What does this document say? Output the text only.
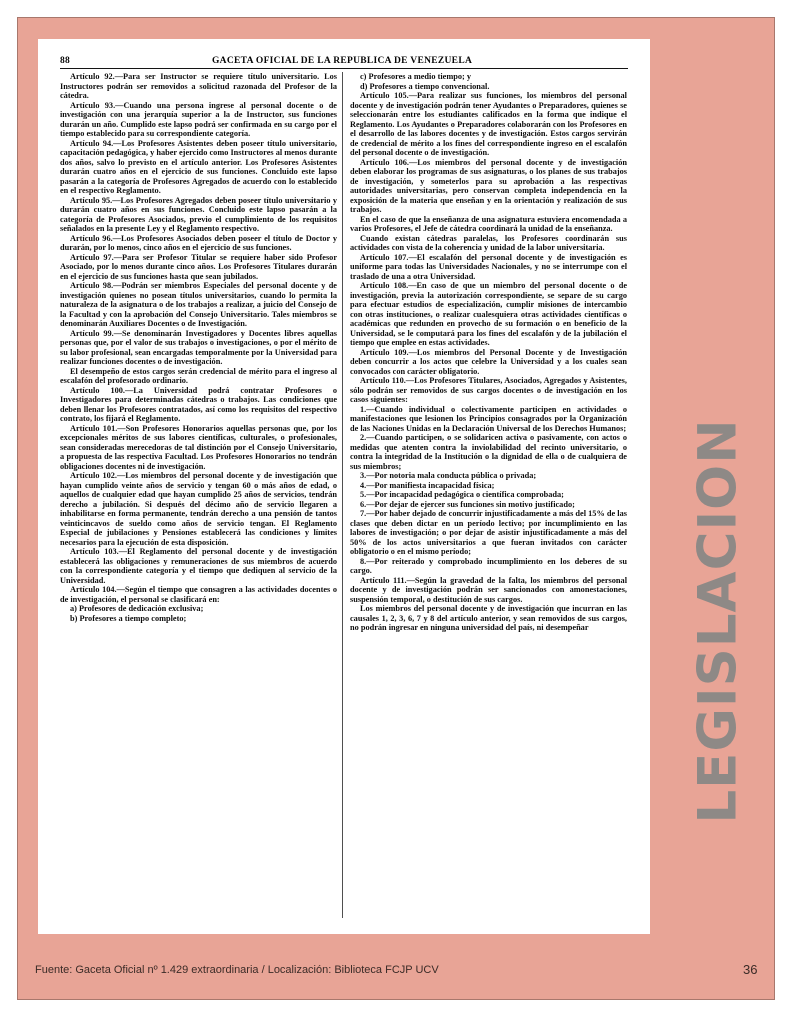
88	GACETA OFICIAL DE LA REPUBLICA DE VENEZUELA

Artículo 92.—Para ser Instructor se requiere título universitario. Los Instructores podrán ser removidos a solicitud razonada del Profesor de la cátedra.

Artículo 93.—Cuando una persona ingrese al personal docente o de investigación con una jerarquía superior a la de Instructor, sus funciones durarán un año. Cumplido este lapso podrá ser confirmada en su cargo por el tiempo establecido para su correspondiente categoría.

Artículo 94.—Los Profesores Asistentes deben poseer título universitario, capacitación pedagógica, y haber ejercido como Instructores al menos durante dos años, salvo lo previsto en el artículo anterior. Los Profesores Asistentes durarán cuatro años en el ejercicio de sus funciones. Concluido este lapso pasarán a la categoría de Profesores Agregados de acuerdo con lo establecido en el respectivo Reglamento.

Artículo 95.—Los Profesores Agregados deben poseer título universitario y durarán cuatro años en sus funciones. Concluido este lapso pasarán a la categoría de Profesores Asociados, previo el cumplimiento de los requisitos señalados en la presente Ley y el Reglamento respectivo.

Artículo 96.—Los Profesores Asociados deben poseer el título de Doctor y durarán, por lo menos, cinco años en el ejercicio de sus funciones.

Artículo 97.—Para ser Profesor Titular se requiere haber sido Profesor Asociado, por lo menos durante cinco años. Los Profesores Titulares durarán en el ejercicio de sus funciones hasta que sean jubilados.

Artículo 98.—Podrán ser miembros Especiales del personal docente y de investigación quienes no posean títulos universitarios, cuando lo permita la naturaleza de la asignatura o de los trabajos a realizar, a juicio del Consejo de la Facultad y con la aprobación del Consejo Universitario. Tales miembros se denominarán Auxiliares Docentes o de Investigación.

Artículo 99.—Se denominarán Investigadores y Docentes libres aquellas personas que, por el valor de sus trabajos o investigaciones, o por el mérito de su labor profesional, sean encargadas temporalmente por la Universidad para realizar funciones docentes o de investigación.

El desempeño de estos cargos serán credencial de mérito para el ingreso al escalafón del profesorado ordinario.

Artículo 100.—La Universidad podrá contratar Profesores o Investigadores para determinadas cátedras o trabajos. Las condiciones que deben llenar los Profesores contratados, así como los requisitos del respectivo contrato, los fijará el Reglamento.

Artículo 101.—Son Profesores Honorarios aquellas personas que, por los excepcionales méritos de sus labores científicas, culturales, o profesionales, sean consideradas merecedoras de tal distinción por el Consejo Universitario, a propuesta de las respectiva Facultad. Los Profesores Honorarios no tendrán obligaciones docentes ni de investigación.

Artículo 102.—Los miembros del personal docente y de investigación que hayan cumplido veinte años de servicio y tengan 60 o más años de edad, o aquellos de cualquier edad que hayan cumplido 25 años de servicios, tendrán derecho a jubilación. Si después del décimo año de servicio llegaren a inhabilitarse en forma permanente, tendrán derecho a una pensión de tantos veinticincavos de sueldo como años de servicio tengan. El Reglamento Especial de jubilaciones y Pensiones establecerá las condiciones y límites necesarios para la ejecución de esta disposición.

Artículo 103.—El Reglamento del personal docente y de investigación establecerá las obligaciones y remuneraciones de sus miembros de acuerdo con la correspondiente categoría y el tiempo que dediquen al servicio de la Universidad.

Artículo 104.—Según el tiempo que consagren a las actividades docentes o de investigación, el personal se clasificará en:

a) Profesores de dedicación exclusiva;

b) Profesores a tiempo completo;

c) Profesores a medio tiempo; y

d) Profesores a tiempo convencional.

Artículo 105.—Para realizar sus funciones, los miembros del personal docente y de investigación podrán tener Ayudantes o Preparadores, quienes se seleccionarán entre los estudiantes calificados en la forma que indique el Reglamento. Los Ayudantes o Preparadores colaborarán con los Profesores en el desarrollo de las labores docentes y de investigación. Estos cargos servirán de credencial de mérito a los fines del correspondiente ingreso en el escalafón del personal docente o de investigación.

Artículo 106.—Los miembros del personal docente y de investigación deben elaborar los programas de sus asignaturas, o los planes de sus trabajos de investigación, y someterlos para su aprobación a las respectivas autoridades universitarias, pero conservan completa independencia en la exposición de la materia que enseñan y en la orientación y realización de sus trabajos.

En el caso de que la enseñanza de una asignatura estuviera encomendada a varios Profesores, el Jefe de cátedra coordinará la unidad de la enseñanza.

Cuando existan cátedras paralelas, los Profesores coordinarán sus actividades con vista de la coherencia y unidad de la labor universitaria.

Artículo 107.—El escalafón del personal docente y de investigación es uniforme para todas las Universidades Nacionales, y no se interrumpe con el traslado de una a otra Universidad.

Artículo 108.—En caso de que un miembro del personal docente o de investigación, previa la autorización correspondiente, se separe de su cargo para efectuar estudios de especialización, cumplir misiones de intercambio con otras instituciones, o realizar cualesquiera otras actividades científicas o académicas que redunden en provecho de su formación o en beneficio de la Universidad, se le computará para los fines del escalafón y de la jubilación el tiempo que emplee en estas actividades.

Artículo 109.—Los miembros del Personal Docente y de Investigación deben concurrir a los actos que celebre la Universidad y a los cuales sean convocados con carácter obligatorio.

Artículo 110.—Los Profesores Titulares, Asociados, Agregados y Asistentes, sólo podrán ser removidos de sus cargos docentes o de investigación en los casos siguientes:

1.—Cuando individual o colectivamente participen en actividades o manifestaciones que lesionen los Principios consagrados por la Organización de las Naciones Unidas en la Declaración Universal de los Derechos Humanos;

2.—Cuando participen, o se solidaricen activa o pasivamente, con actos o medidas que atenten contra la inviolabilidad del recinto universitario, o contra la integridad de la Institución o la dignidad de ella o de cualquiera de sus miembros;

3.—Por notoria mala conducta pública o privada;

4.—Por manifiesta incapacidad física;

5.—Por incapacidad pedagógica o científica comprobada;

6.—Por dejar de ejercer sus funciones sin motivo justificado;

7.—Por haber dejado de concurrir injustificadamente a más del 15% de las clases que deben dictar en un período lectivo; por incumplimiento en las labores de investigación; o por dejar de asistir injustificadamente a más del 50% de los actos universitarios a que fueran invitados con carácter obligatorio o en el mismo período;

8.—Por reiterado y comprobado incumplimiento en los deberes de su cargo.

Artículo 111.—Según la gravedad de la falta, los miembros del personal docente y de investigación podrán ser sancionados con amonestaciones, suspensión temporal, o destitución de sus cargos.

Los miembros del personal docente y de investigación que incurran en las causales 1, 2, 3, 6, 7 y 8 del artículo anterior, y sean removidos de sus cargos, no podrán ingresar en ninguna universidad del país, ni desempeñar	LEGISLACION
Fuente: Gaceta Oficial nº 1.429 extraordinaria / Localización: Biblioteca FCJP UCV	36
